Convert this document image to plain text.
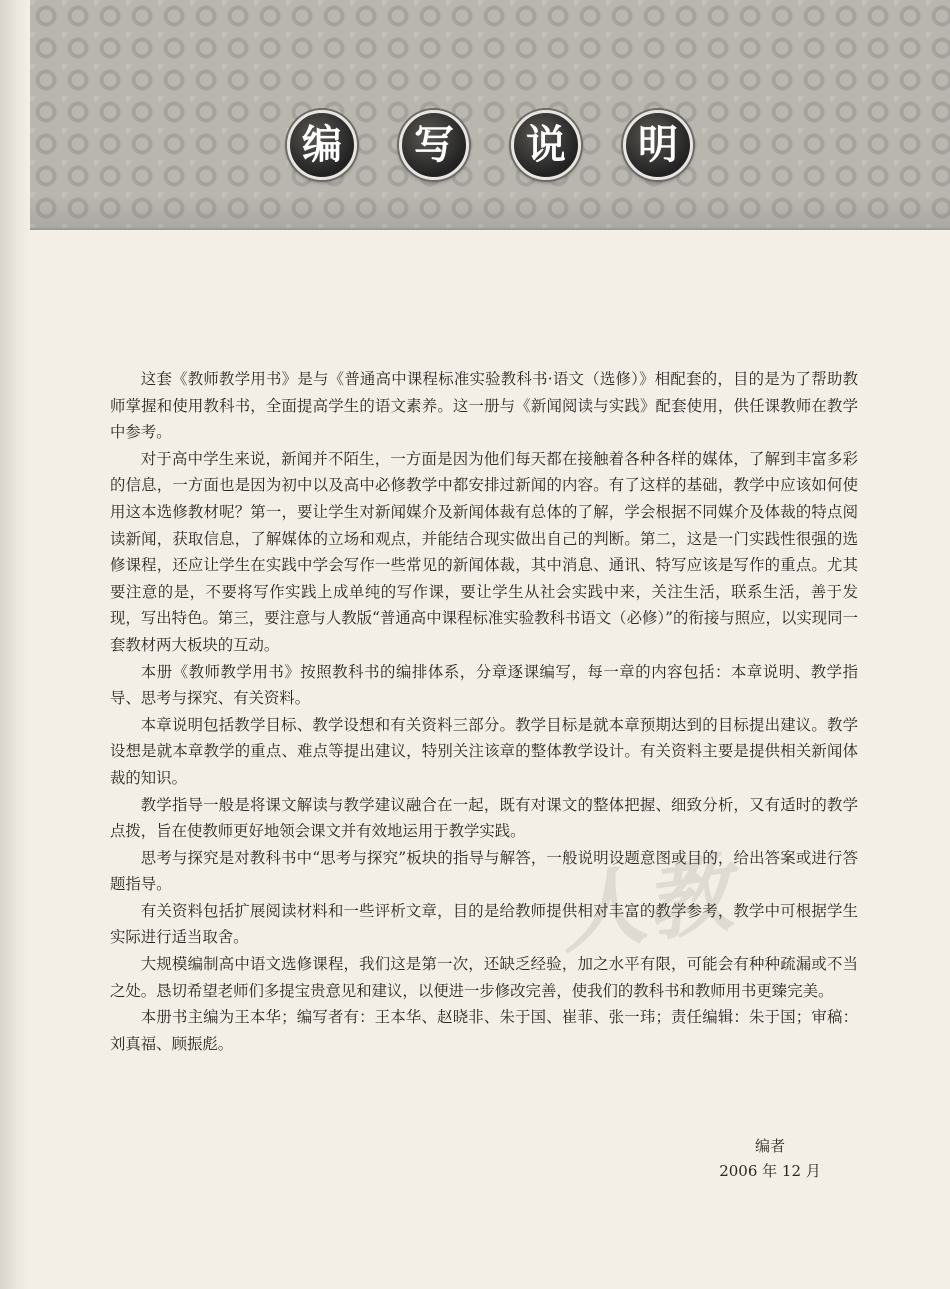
编	写	说	明
人教

这套《教师教学用书》是与《普通高中课程标准实验教科书·语文（选修）》相配套的，目的是为了帮助教师掌握和使用教科书，全面提高学生的语文素养。这一册与《新闻阅读与实践》配套使用，供任课教师在教学中参考。

对于高中学生来说，新闻并不陌生，一方面是因为他们每天都在接触着各种各样的媒体，了解到丰富多彩的信息，一方面也是因为初中以及高中必修教学中都安排过新闻的内容。有了这样的基础，教学中应该如何使用这本选修教材呢？第一，要让学生对新闻媒介及新闻体裁有总体的了解，学会根据不同媒介及体裁的特点阅读新闻，获取信息，了解媒体的立场和观点，并能结合现实做出自己的判断。第二，这是一门实践性很强的选修课程，还应让学生在实践中学会写作一些常见的新闻体裁，其中消息、通讯、特写应该是写作的重点。尤其要注意的是，不要将写作实践上成单纯的写作课，要让学生从社会实践中来，关注生活，联系生活，善于发现，写出特色。第三，要注意与人教版“普通高中课程标准实验教科书语文（必修）”的衔接与照应，以实现同一套教材两大板块的互动。

本册《教师教学用书》按照教科书的编排体系，分章逐课编写，每一章的内容包括：本章说明、教学指导、思考与探究、有关资料。

本章说明包括教学目标、教学设想和有关资料三部分。教学目标是就本章预期达到的目标提出建议。教学设想是就本章教学的重点、难点等提出建议，特别关注该章的整体教学设计。有关资料主要是提供相关新闻体裁的知识。

教学指导一般是将课文解读与教学建议融合在一起，既有对课文的整体把握、细致分析，又有适时的教学点拨，旨在使教师更好地领会课文并有效地运用于教学实践。

思考与探究是对教科书中“思考与探究”板块的指导与解答，一般说明设题意图或目的，给出答案或进行答题指导。

有关资料包括扩展阅读材料和一些评析文章，目的是给教师提供相对丰富的教学参考，教学中可根据学生实际进行适当取舍。

大规模编制高中语文选修课程，我们这是第一次，还缺乏经验，加之水平有限，可能会有种种疏漏或不当之处。恳切希望老师们多提宝贵意见和建议，以便进一步修改完善，使我们的教科书和教师用书更臻完美。

本册书主编为王本华；编写者有：王本华、赵晓非、朱于国、崔菲、张一玮；责任编辑：朱于国；审稿：刘真福、顾振彪。

编者
2006 年 12 月
